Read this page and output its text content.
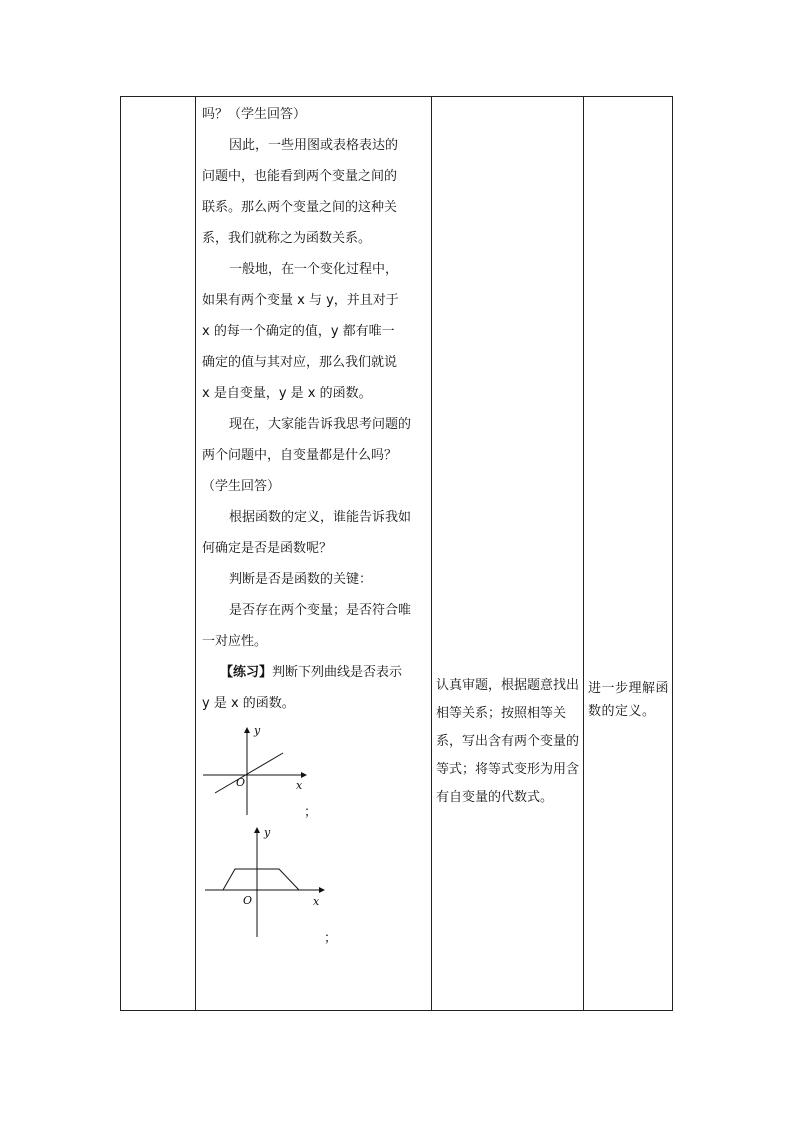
吗？（学生回答）

因此，一些用图或表格表达的

问题中，也能看到两个变量之间的

联系。那么两个变量之间的这种关

系，我们就称之为函数关系。

一般地，在一个变化过程中，

如果有两个变量 x 与 y，并且对于

x 的每一个确定的值，y 都有唯一

确定的值与其对应，那么我们就说

x 是自变量，y 是 x 的函数。

现在，大家能告诉我思考问题的

两个问题中，自变量都是什么吗？

（学生回答）

根据函数的定义，谁能告诉我如

何确定是否是函数呢？

判断是否是函数的关键：

是否存在两个变量；是否符合唯

一对应性。

【练习】判断下列曲线是否表示

y 是 x 的函数。

x
y
O
；
x
y
O
；

认真审题，根据题意找出相等关系；按照相等关系，写出含有两个变量的等式；将等式变形为用含有自变量的代数式。

进一步理解函数的定义。
